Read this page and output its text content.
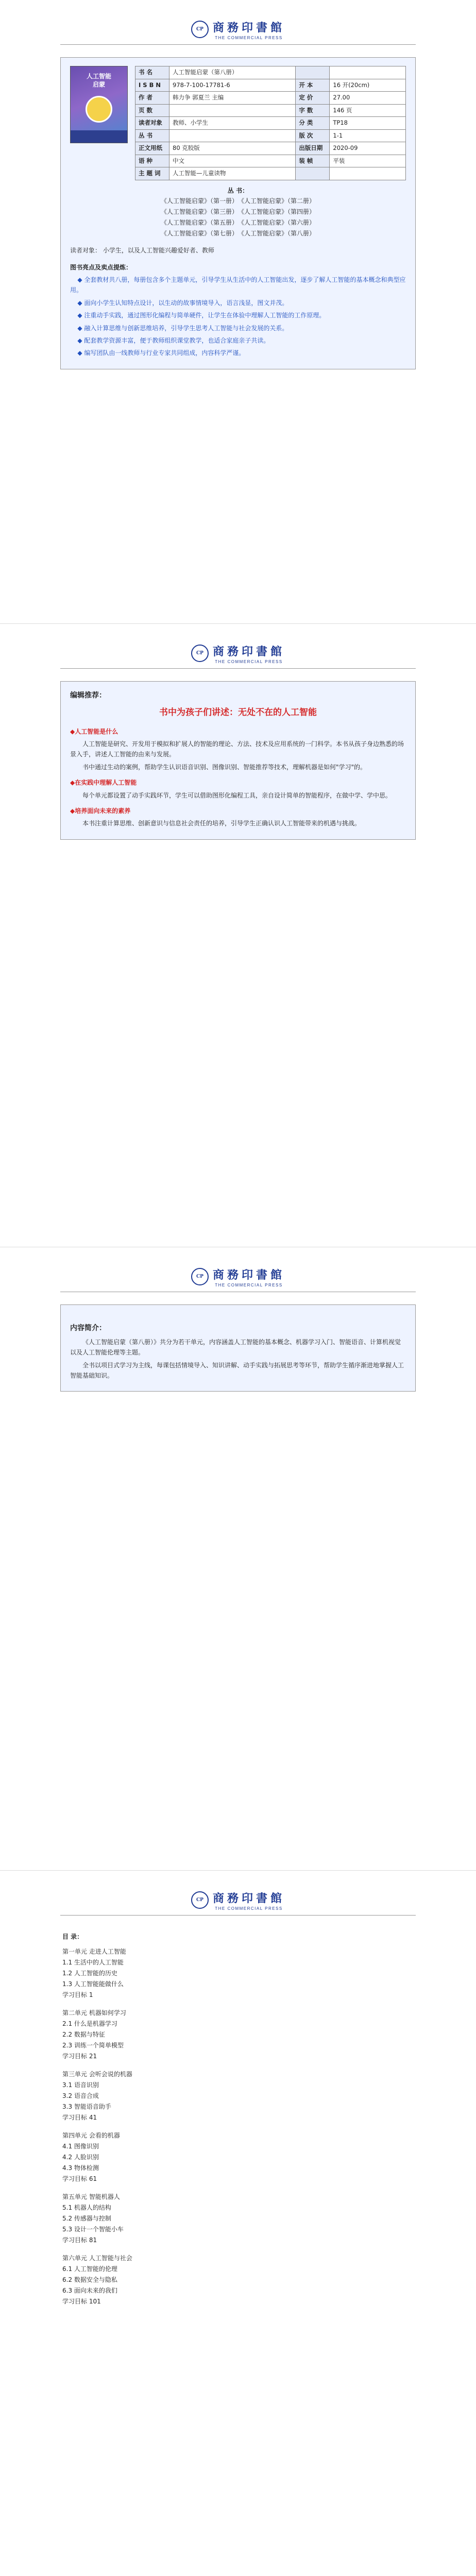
CP 商務印書館
THE COMMERCIAL PRESS
人工智能
启蒙
书 名	人工智能启蒙（第八册）		
I S B N	978-7-100-17781-6	开 本	16 开(20cm)
作 者	韩力争 郭夏兰 主编	定 价	27.00
页 数		字 数	146 页
读者对象	教师、小学生	分 类	TP18
丛 书		版 次	1-1
正文用纸	80 克胶版	出版日期	2020-09
语 种	中文	装 帧	平装
主 题 词	人工智能—儿童读物		
丛 书：
《人工智能启蒙》（第一册）　《人工智能启蒙》（第二册）
《人工智能启蒙》（第三册）　《人工智能启蒙》（第四册）
《人工智能启蒙》（第五册）　《人工智能启蒙》（第六册）
《人工智能启蒙》（第七册）　《人工智能启蒙》（第八册）
读者对象： 小学生，以及人工智能兴趣爱好者、教师
图书亮点及卖点提炼：

◆ 全套教材共八册，每册包含多个主题单元，引导学生从生活中的人工智能出发，逐步了解人工智能的基本概念和典型应用。

◆ 面向小学生认知特点设计，以生动的故事情境导入，语言浅显，图文并茂。

◆ 注重动手实践，通过图形化编程与简单硬件，让学生在体验中理解人工智能的工作原理。

◆ 融入计算思维与创新思维培养，引导学生思考人工智能与社会发展的关系。

◆ 配套教学资源丰富，便于教师组织课堂教学，也适合家庭亲子共读。

◆ 编写团队由一线教师与行业专家共同组成，内容科学严谨。

CP 商務印書館
THE COMMERCIAL PRESS
编辑推荐：
书中为孩子们讲述：无处不在的人工智能
◆ 人工智能是什么

人工智能是研究、开发用于模拟和扩展人的智能的理论、方法、技术及应用系统的一门科学。本书从孩子身边熟悉的场景入手，讲述人工智能的由来与发展。

书中通过生动的案例，帮助学生认识语音识别、图像识别、智能推荐等技术，理解机器是如何"学习"的。

◆ 在实践中理解人工智能

每个单元都设置了动手实践环节，学生可以借助图形化编程工具，亲自设计简单的智能程序，在做中学、学中思。

◆ 培养面向未来的素养

本书注重计算思维、创新意识与信息社会责任的培养，引导学生正确认识人工智能带来的机遇与挑战。

CP 商務印書館
THE COMMERCIAL PRESS
内容简介：

《人工智能启蒙（第八册）》共分为若干单元，内容涵盖人工智能的基本概念、机器学习入门、智能语音、计算机视觉以及人工智能伦理等主题。

全书以项目式学习为主线，每课包括情境导入、知识讲解、动手实践与拓展思考等环节，帮助学生循序渐进地掌握人工智能基础知识。

CP 商務印書館
THE COMMERCIAL PRESS
目 录：
第一单元 走进人工智能
1.1 生活中的人工智能
1.2 人工智能的历史
1.3 人工智能能做什么
学习目标 1
第二单元 机器如何学习
2.1 什么是机器学习
2.2 数据与特征
2.3 训练一个简单模型
学习目标 21
第三单元 会听会说的机器
3.1 语音识别
3.2 语音合成
3.3 智能语音助手
学习目标 41
第四单元 会看的机器
4.1 图像识别
4.2 人脸识别
4.3 物体检测
学习目标 61
第五单元 智能机器人
5.1 机器人的结构
5.2 传感器与控制
5.3 设计一个智能小车
学习目标 81
第六单元 人工智能与社会
6.1 人工智能的伦理
6.2 数据安全与隐私
6.3 面向未来的我们
学习目标 101
